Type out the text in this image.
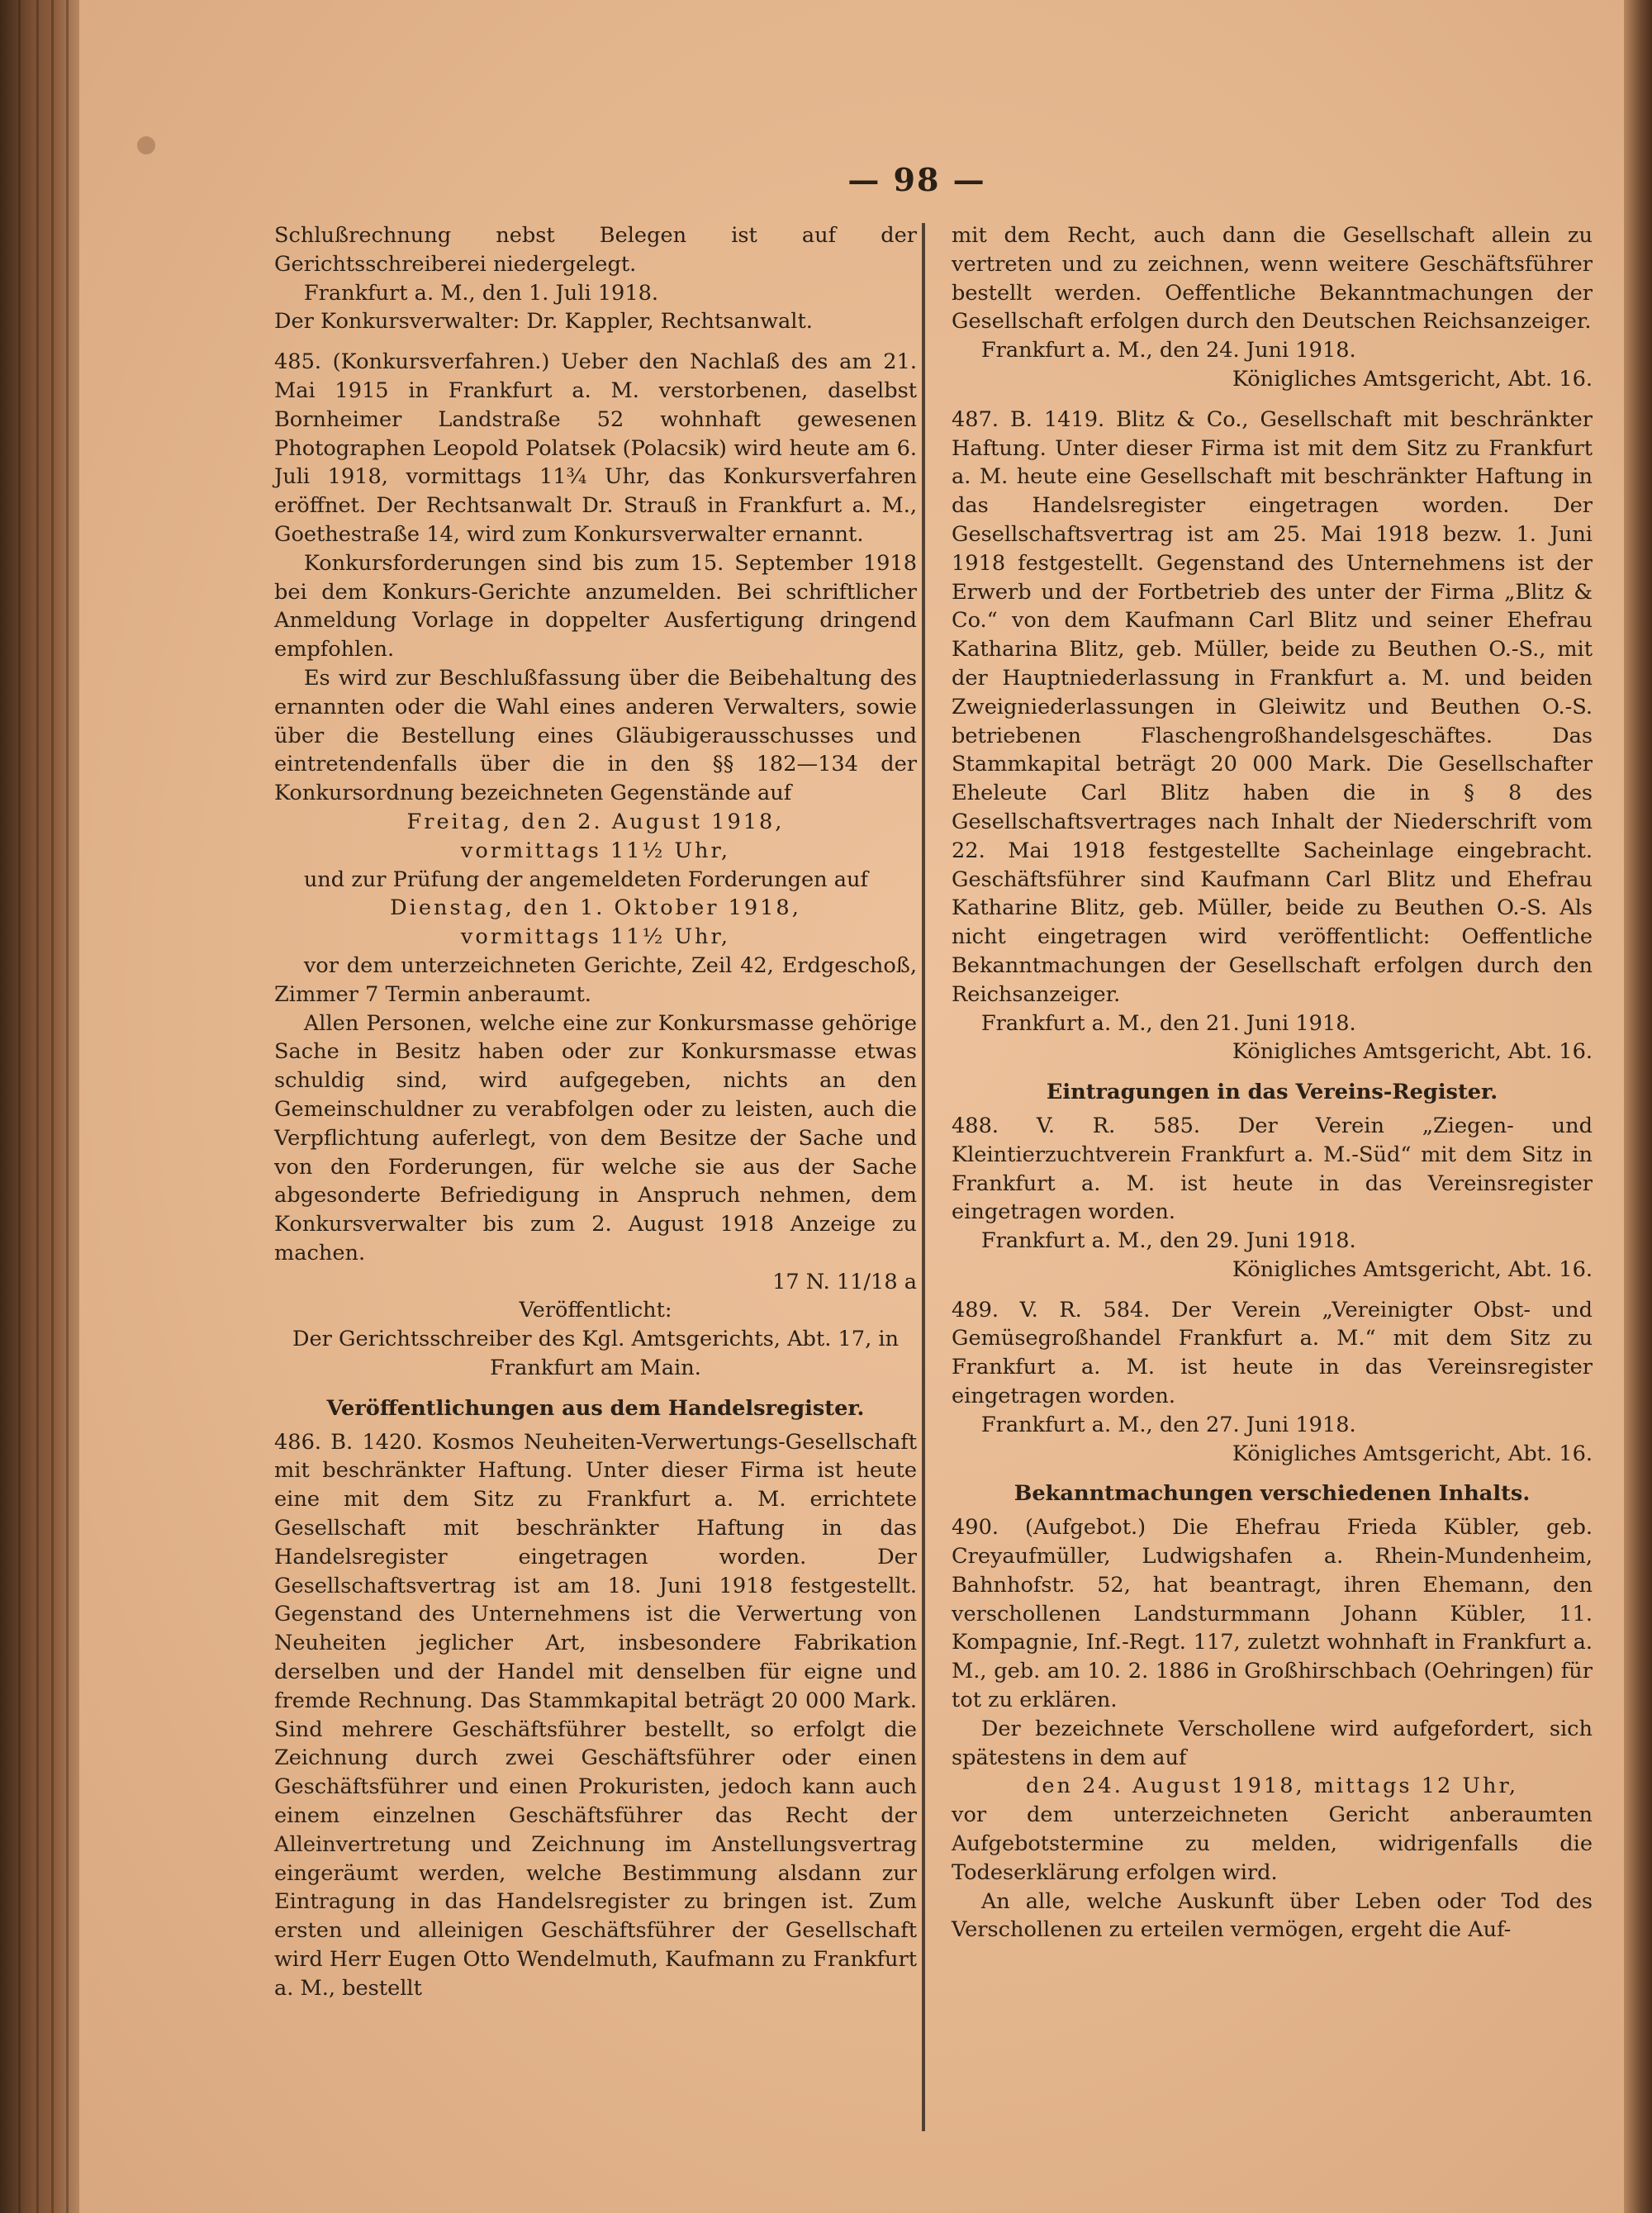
— 98 —

Schlußrechnung nebst Belegen ist auf der Gerichtsschreiberei niedergelegt.

Frankfurt a. M., den 1. Juli 1918.

Der Konkursverwalter: Dr. Kappler, Rechtsanwalt.

485. (Konkursverfahren.) Ueber den Nachlaß des am 21. Mai 1915 in Frankfurt a. M. verstorbenen, daselbst Bornheimer Landstraße 52 wohnhaft gewesenen Photographen Leopold Polatsek (Polacsik) wird heute am 6. Juli 1918, vormittags 11¾ Uhr, das Konkursverfahren eröffnet. Der Rechtsanwalt Dr. Strauß in Frankfurt a. M., Goethestraße 14, wird zum Konkursverwalter ernannt.

Konkursforderungen sind bis zum 15. September 1918 bei dem Konkurs-Gerichte anzumelden. Bei schriftlicher Anmeldung Vorlage in doppelter Ausfertigung dringend empfohlen.

Es wird zur Beschlußfassung über die Beibehaltung des ernannten oder die Wahl eines anderen Verwalters, sowie über die Bestellung eines Gläubigerausschusses und eintretendenfalls über die in den §§ 182—134 der Konkursordnung bezeichneten Gegenstände auf

Freitag, den 2. August 1918,

vormittags 11½ Uhr,

und zur Prüfung der angemeldeten Forderungen auf

Dienstag, den 1. Oktober 1918,

vormittags 11½ Uhr,

vor dem unterzeichneten Gerichte, Zeil 42, Erdgeschoß, Zimmer 7 Termin anberaumt.

Allen Personen, welche eine zur Konkursmasse gehörige Sache in Besitz haben oder zur Konkursmasse etwas schuldig sind, wird aufgegeben, nichts an den Gemeinschuldner zu verabfolgen oder zu leisten, auch die Verpflichtung auferlegt, von dem Besitze der Sache und von den Forderungen, für welche sie aus der Sache abgesonderte Befriedigung in Anspruch nehmen, dem Konkursverwalter bis zum 2. August 1918 Anzeige zu machen.

17 N. 11/18 a

Veröffentlicht:

Der Gerichtsschreiber des Kgl. Amtsgerichts, Abt. 17, in Frankfurt am Main.

Veröffentlichungen aus dem Handelsregister.

486. B. 1420. Kosmos Neuheiten-Verwertungs-Gesellschaft mit beschränkter Haftung. Unter dieser Firma ist heute eine mit dem Sitz zu Frankfurt a. M. errichtete Gesellschaft mit beschränkter Haftung in das Handelsregister eingetragen worden. Der Gesellschaftsvertrag ist am 18. Juni 1918 festgestellt. Gegenstand des Unternehmens ist die Verwertung von Neuheiten jeglicher Art, insbesondere Fabrikation derselben und der Handel mit denselben für eigne und fremde Rechnung. Das Stammkapital beträgt 20 000 Mark. Sind mehrere Geschäftsführer bestellt, so erfolgt die Zeichnung durch zwei Geschäftsführer oder einen Geschäftsführer und einen Prokuristen, jedoch kann auch einem einzelnen Geschäftsführer das Recht der Alleinvertretung und Zeichnung im Anstellungsvertrag eingeräumt werden, welche Bestimmung alsdann zur Eintragung in das Handelsregister zu bringen ist. Zum ersten und alleinigen Geschäftsführer der Gesellschaft wird Herr Eugen Otto Wendelmuth, Kaufmann zu Frankfurt a. M., bestellt

mit dem Recht, auch dann die Gesellschaft allein zu vertreten und zu zeichnen, wenn weitere Geschäftsführer bestellt werden. Oeffentliche Bekanntmachungen der Gesellschaft erfolgen durch den Deutschen Reichsanzeiger.

Frankfurt a. M., den 24. Juni 1918.

Königliches Amtsgericht, Abt. 16.

487. B. 1419. Blitz & Co., Gesellschaft mit beschränkter Haftung. Unter dieser Firma ist mit dem Sitz zu Frankfurt a. M. heute eine Gesellschaft mit beschränkter Haftung in das Handelsregister eingetragen worden. Der Gesellschaftsvertrag ist am 25. Mai 1918 bezw. 1. Juni 1918 festgestellt. Gegenstand des Unternehmens ist der Erwerb und der Fortbetrieb des unter der Firma „Blitz & Co.“ von dem Kaufmann Carl Blitz und seiner Ehefrau Katharina Blitz, geb. Müller, beide zu Beuthen O.-S., mit der Hauptniederlassung in Frankfurt a. M. und beiden Zweigniederlassungen in Gleiwitz und Beuthen O.-S. betriebenen Flaschengroßhandelsgeschäftes. Das Stammkapital beträgt 20 000 Mark. Die Gesellschafter Eheleute Carl Blitz haben die in § 8 des Gesellschaftsvertrages nach Inhalt der Niederschrift vom 22. Mai 1918 festgestellte Sacheinlage eingebracht. Geschäftsführer sind Kaufmann Carl Blitz und Ehefrau Katharine Blitz, geb. Müller, beide zu Beuthen O.-S. Als nicht eingetragen wird veröffentlicht: Oeffentliche Bekanntmachungen der Gesellschaft erfolgen durch den Reichsanzeiger.

Frankfurt a. M., den 21. Juni 1918.

Königliches Amtsgericht, Abt. 16.

Eintragungen in das Vereins-Register.

488. V. R. 585. Der Verein „Ziegen- und Kleintierzuchtverein Frankfurt a. M.-Süd“ mit dem Sitz in Frankfurt a. M. ist heute in das Vereinsregister eingetragen worden.

Frankfurt a. M., den 29. Juni 1918.

Königliches Amtsgericht, Abt. 16.

489. V. R. 584. Der Verein „Vereinigter Obst- und Gemüsegroßhandel Frankfurt a. M.“ mit dem Sitz zu Frankfurt a. M. ist heute in das Vereinsregister eingetragen worden.

Frankfurt a. M., den 27. Juni 1918.

Königliches Amtsgericht, Abt. 16.

Bekanntmachungen verschiedenen Inhalts.

490. (Aufgebot.) Die Ehefrau Frieda Kübler, geb. Creyaufmüller, Ludwigshafen a. Rhein-Mundenheim, Bahnhofstr. 52, hat beantragt, ihren Ehemann, den verschollenen Landsturmmann Johann Kübler, 11. Kompagnie, Inf.-Regt. 117, zuletzt wohnhaft in Frankfurt a. M., geb. am 10. 2. 1886 in Großhirschbach (Oehringen) für tot zu erklären.

Der bezeichnete Verschollene wird aufgefordert, sich spätestens in dem auf

den 24. August 1918, mittags 12 Uhr,

vor dem unterzeichneten Gericht anberaumten Aufgebotstermine zu melden, widrigenfalls die Todeserklärung erfolgen wird.

An alle, welche Auskunft über Leben oder Tod des Verschollenen zu erteilen vermögen, ergeht die Auf-
